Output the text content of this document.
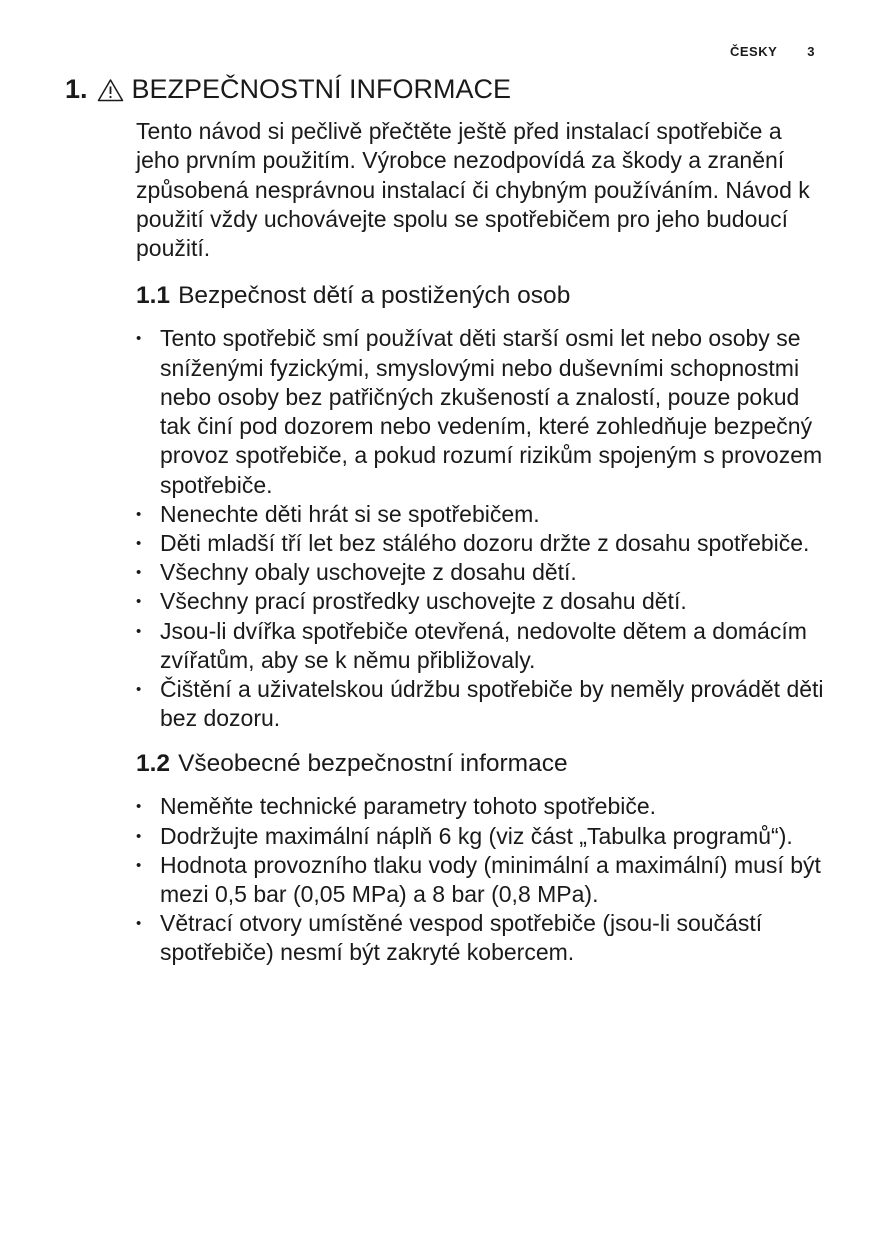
ČESKY 3
1. BEZPEČNOSTNÍ INFORMACE

Tento návod si pečlivě přečtěte ještě před instalací spotřebiče a jeho prvním použitím. Výrobce nezodpovídá za škody a zranění způsobená nesprávnou instalací či chybným používáním. Návod k použití vždy uchovávejte spolu se spotřebičem pro jeho budoucí použití.

1.1 Bezpečnost dětí a postižených osob
• Tento spotřebič smí používat děti starší osmi let nebo osoby se sníženými fyzickými, smyslovými nebo duševními schopnostmi nebo osoby bez patřičných zkušeností a znalostí, pouze pokud tak činí pod dozorem nebo vedením, které zohledňuje bezpečný provoz spotřebiče, a pokud rozumí rizikům spojeným s provozem spotřebiče.
• Nenechte děti hrát si se spotřebičem.
• Děti mladší tří let bez stálého dozoru držte z dosahu spotřebiče.
• Všechny obaly uschovejte z dosahu dětí.
• Všechny prací prostředky uschovejte z dosahu dětí.
• Jsou-li dvířka spotřebiče otevřená, nedovolte dětem a domácím zvířatům, aby se k němu přibližovaly.
• Čištění a uživatelskou údržbu spotřebiče by neměly provádět děti bez dozoru.
1.2 Všeobecné bezpečnostní informace
• Neměňte technické parametry tohoto spotřebiče.
• Dodržujte maximální náplň 6 kg (viz část „Tabulka programů“).
• Hodnota provozního tlaku vody (minimální a maximální) musí být mezi 0,5 bar (0,05 MPa) a 8 bar (0,8 MPa).
• Větrací otvory umístěné vespod spotřebiče (jsou-li součástí spotřebiče) nesmí být zakryté kobercem.
